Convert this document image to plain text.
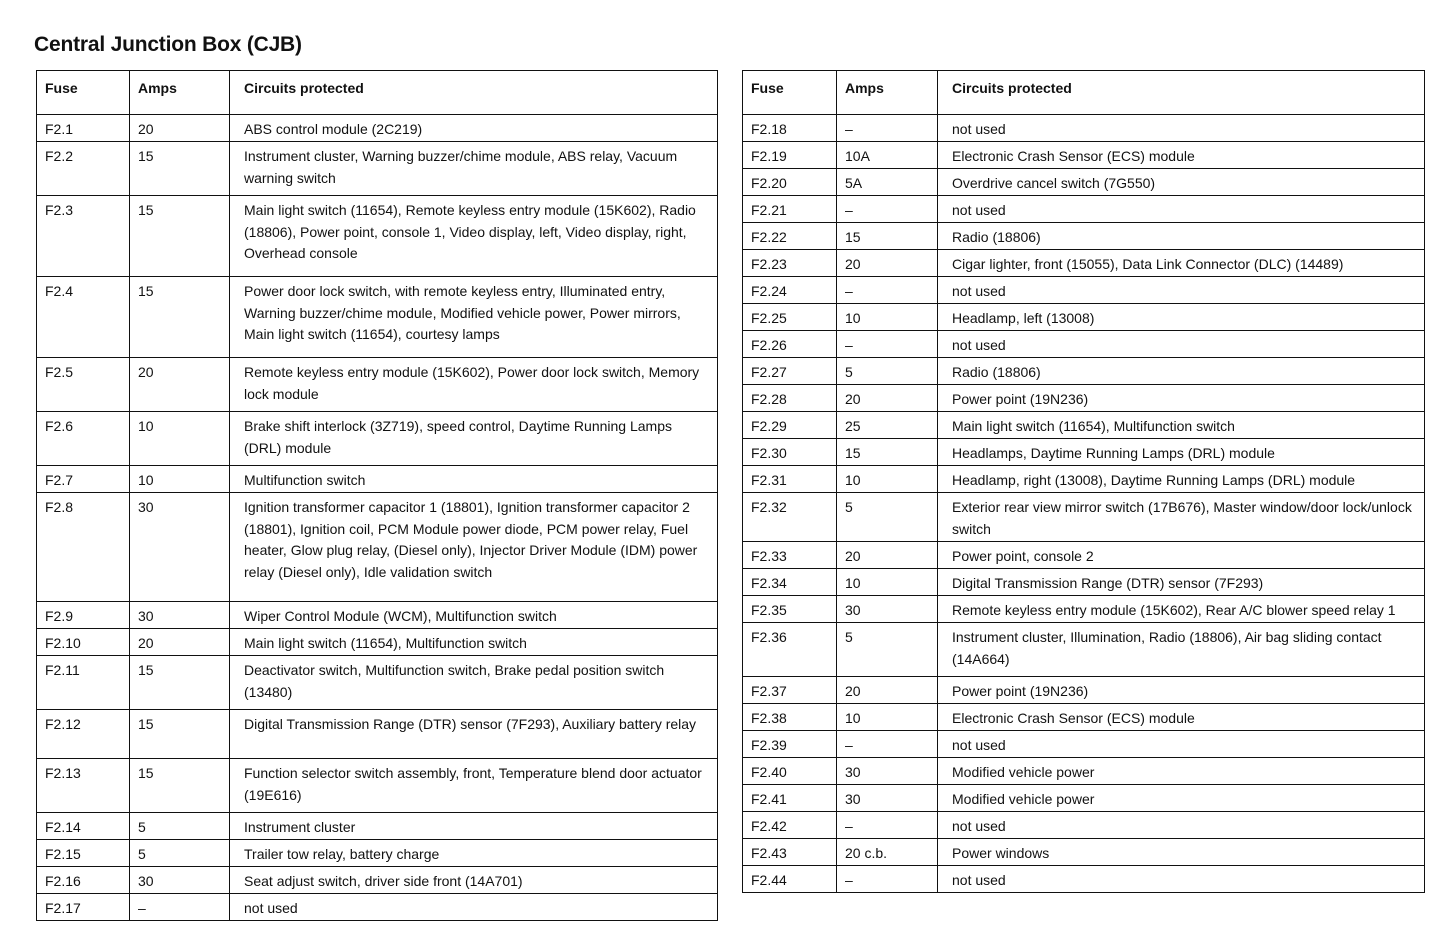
Central Junction Box (CJB)
Fuse	Amps	Circuits protected
F2.1	20	ABS control module (2C219)
F2.2	15	Instrument cluster, Warning buzzer/chime module, ABS relay, Vacuum warning switch
F2.3	15	Main light switch (11654), Remote keyless entry module (15K602), Radio (18806), Power point, console 1, Video display, left, Video display, right, Overhead console
F2.4	15	Power door lock switch, with remote keyless entry, Illuminated entry, Warning buzzer/chime module, Modified vehicle power, Power mirrors, Main light switch (11654), courtesy lamps
F2.5	20	Remote keyless entry module (15K602), Power door lock switch, Memory lock module
F2.6	10	Brake shift interlock (3Z719), speed control, Daytime Running Lamps (DRL) module
F2.7	10	Multifunction switch
F2.8	30	Ignition transformer capacitor 1 (18801), Ignition transformer capacitor 2 (18801), Ignition coil, PCM Module power diode, PCM power relay, Fuel heater, Glow plug relay, (Diesel only), Injector Driver Module (IDM) power relay (Diesel only), Idle validation switch
F2.9	30	Wiper Control Module (WCM), Multifunction switch
F2.10	20	Main light switch (11654), Multifunction switch
F2.11	15	Deactivator switch, Multifunction switch, Brake pedal position switch (13480)
F2.12	15	Digital Transmission Range (DTR) sensor (7F293), Auxiliary battery relay
F2.13	15	Function selector switch assembly, front, Temperature blend door actuator (19E616)
F2.14	5	Instrument cluster
F2.15	5	Trailer tow relay, battery charge
F2.16	30	Seat adjust switch, driver side front (14A701)
F2.17	–	not used
Fuse	Amps	Circuits protected
F2.18	–	not used
F2.19	10A	Electronic Crash Sensor (ECS) module
F2.20	5A	Overdrive cancel switch (7G550)
F2.21	–	not used
F2.22	15	Radio (18806)
F2.23	20	Cigar lighter, front (15055), Data Link Connector (DLC) (14489)
F2.24	–	not used
F2.25	10	Headlamp, left (13008)
F2.26	–	not used
F2.27	5	Radio (18806)
F2.28	20	Power point (19N236)
F2.29	25	Main light switch (11654), Multifunction switch
F2.30	15	Headlamps, Daytime Running Lamps (DRL) module
F2.31	10	Headlamp, right (13008), Daytime Running Lamps (DRL) module
F2.32	5	Exterior rear view mirror switch (17B676), Master window/door lock/unlock switch
F2.33	20	Power point, console 2
F2.34	10	Digital Transmission Range (DTR) sensor (7F293)
F2.35	30	Remote keyless entry module (15K602), Rear A/C blower speed relay 1
F2.36	5	Instrument cluster, Illumination, Radio (18806), Air bag sliding contact (14A664)
F2.37	20	Power point (19N236)
F2.38	10	Electronic Crash Sensor (ECS) module
F2.39	–	not used
F2.40	30	Modified vehicle power
F2.41	30	Modified vehicle power
F2.42	–	not used
F2.43	20 c.b.	Power windows
F2.44	–	not used
